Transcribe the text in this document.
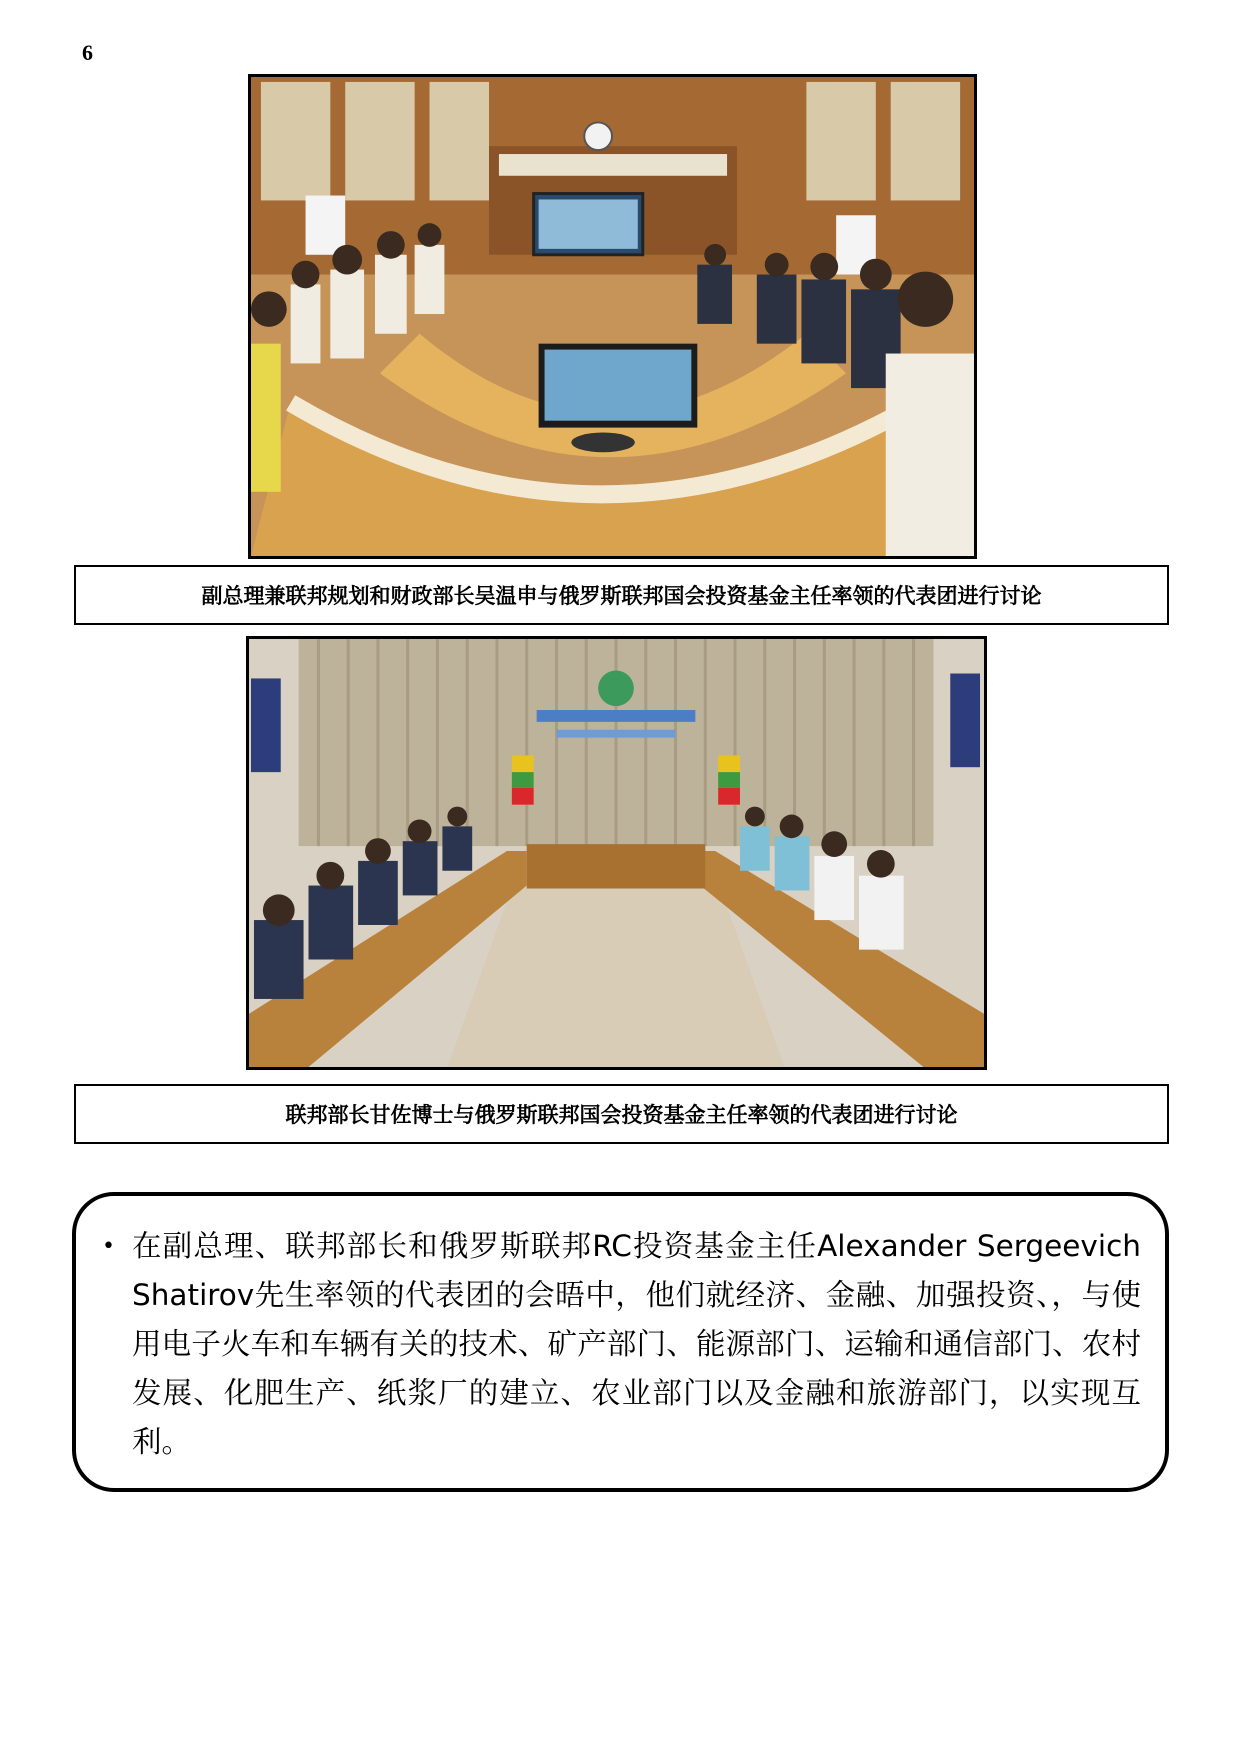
6
副总理兼联邦规划和财政部长吴温申与俄罗斯联邦国会投资基金主任率领的代表团进行讨论
联邦部长甘佐博士与俄罗斯联邦国会投资基金主任率领的代表团进行讨论
• 在副总理、联邦部长和俄罗斯联邦RC投资基金主任Alexander Sergeevich Shatirov先生率领的代表团的会晤中，他们就经济、金融、加强投资、，与使用电子火车和车辆有关的技术、矿产部门、能源部门、运输和通信部门、农村发展、化肥生产、纸浆厂的建立、农业部门以及金融和旅游部门，以实现互利。
